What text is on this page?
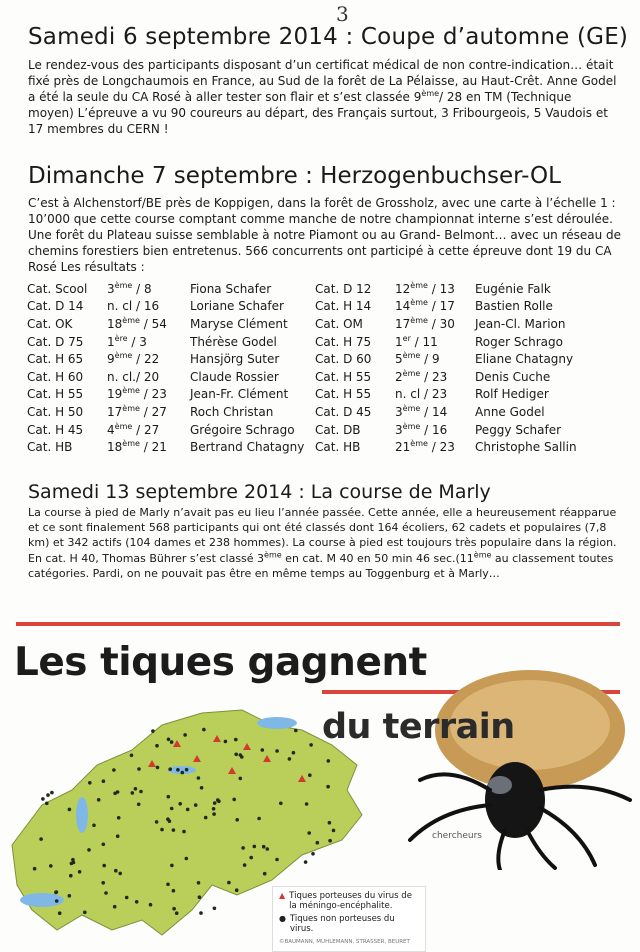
3
Samedi 6 septembre 2014 : Coupe d’automne (GE)

Le rendez-vous des participants disposant d’un certificat médical de non contre-indication… était fixé près de Longchaumois en France, au Sud de la forêt de La Pélaisse, au Haut-Crêt. Anne Godel a été la seule du CA Rosé à aller tester son flair et s’est classée 9ème/ 28 en TM (Technique moyen) L’épreuve a vu 90 coureurs au départ, des Français surtout, 3 Fribourgeois, 5 Vaudois et 17 membres du CERN !

Dimanche 7 septembre : Herzogenbuchser-OL

C’est à Alchenstorf/BE près de Koppigen, dans la forêt de Grossholz, avec une carte à l’échelle 1 : 10’000 que cette course comptant comme manche de notre championnat interne s’est déroulée. Une forêt du Plateau suisse semblable à notre Piamont ou au Grand- Belmont… avec un réseau de chemins forestiers bien entretenus. 566 concurrents ont participé à cette épreuve dont 19 du CA Rosé Les résultats :

Cat. Scool	3ème / 8	Fiona Schafer	Cat. D 12	12ème / 13	Eugénie Falk
Cat. D 14	n. cl / 16	Loriane Schafer	Cat. H 14	14ème / 17	Bastien Rolle
Cat. OK	18ème / 54	Maryse Clément	Cat. OM	17ème / 30	Jean-Cl. Marion
Cat. D 75	1ère / 3	Thérèse Godel	Cat. H 75	1er / 11	Roger Schrago
Cat. H 65	9ème / 22	Hansjörg Suter	Cat. D 60	5ème / 9	Eliane Chatagny
Cat. H 60	n. cl./ 20	Claude Rossier	Cat. H 55	2ème / 23	Denis Cuche
Cat. H 55	19ème / 23	Jean-Fr. Clément	Cat. H 55	n. cl / 23	Rolf Hediger
Cat. H 50	17ème / 27	Roch Christan	Cat. D 45	3ème / 14	Anne Godel
Cat. H 45	4ème / 27	Grégoire Schrago	Cat. DB	3ème / 16	Peggy Schafer
Cat. HB	18ème / 21	Bertrand Chatagny	Cat. HB	21ème / 23	Christophe Sallin
Samedi 13 septembre 2014 : La course de Marly

La course à pied de Marly n’avait pas eu lieu l’année passée. Cette année, elle a heureusement réapparue et ce sont finalement 568 participants qui ont été classés dont 164 écoliers, 62 cadets et populaires (7,8 km) et 342 actifs (104 dames et 238 hommes). La course à pied est toujours très populaire dans la région. En cat. H 40, Thomas Bührer s’est classé 3ème en cat. M 40 en 50 min 46 sec.(11ème au classement toutes catégories. Pardi, on ne pouvait pas être en même temps au Toggenburg et à Marly…

Les tiques gagnent
du terrain
chercheurs
▲ Tiques porteuses du virus de la méningo-encéphalite.
● Tiques non porteuses du virus.
©BAUMANN, MUHLEMANN, STRASSER, BEURET
